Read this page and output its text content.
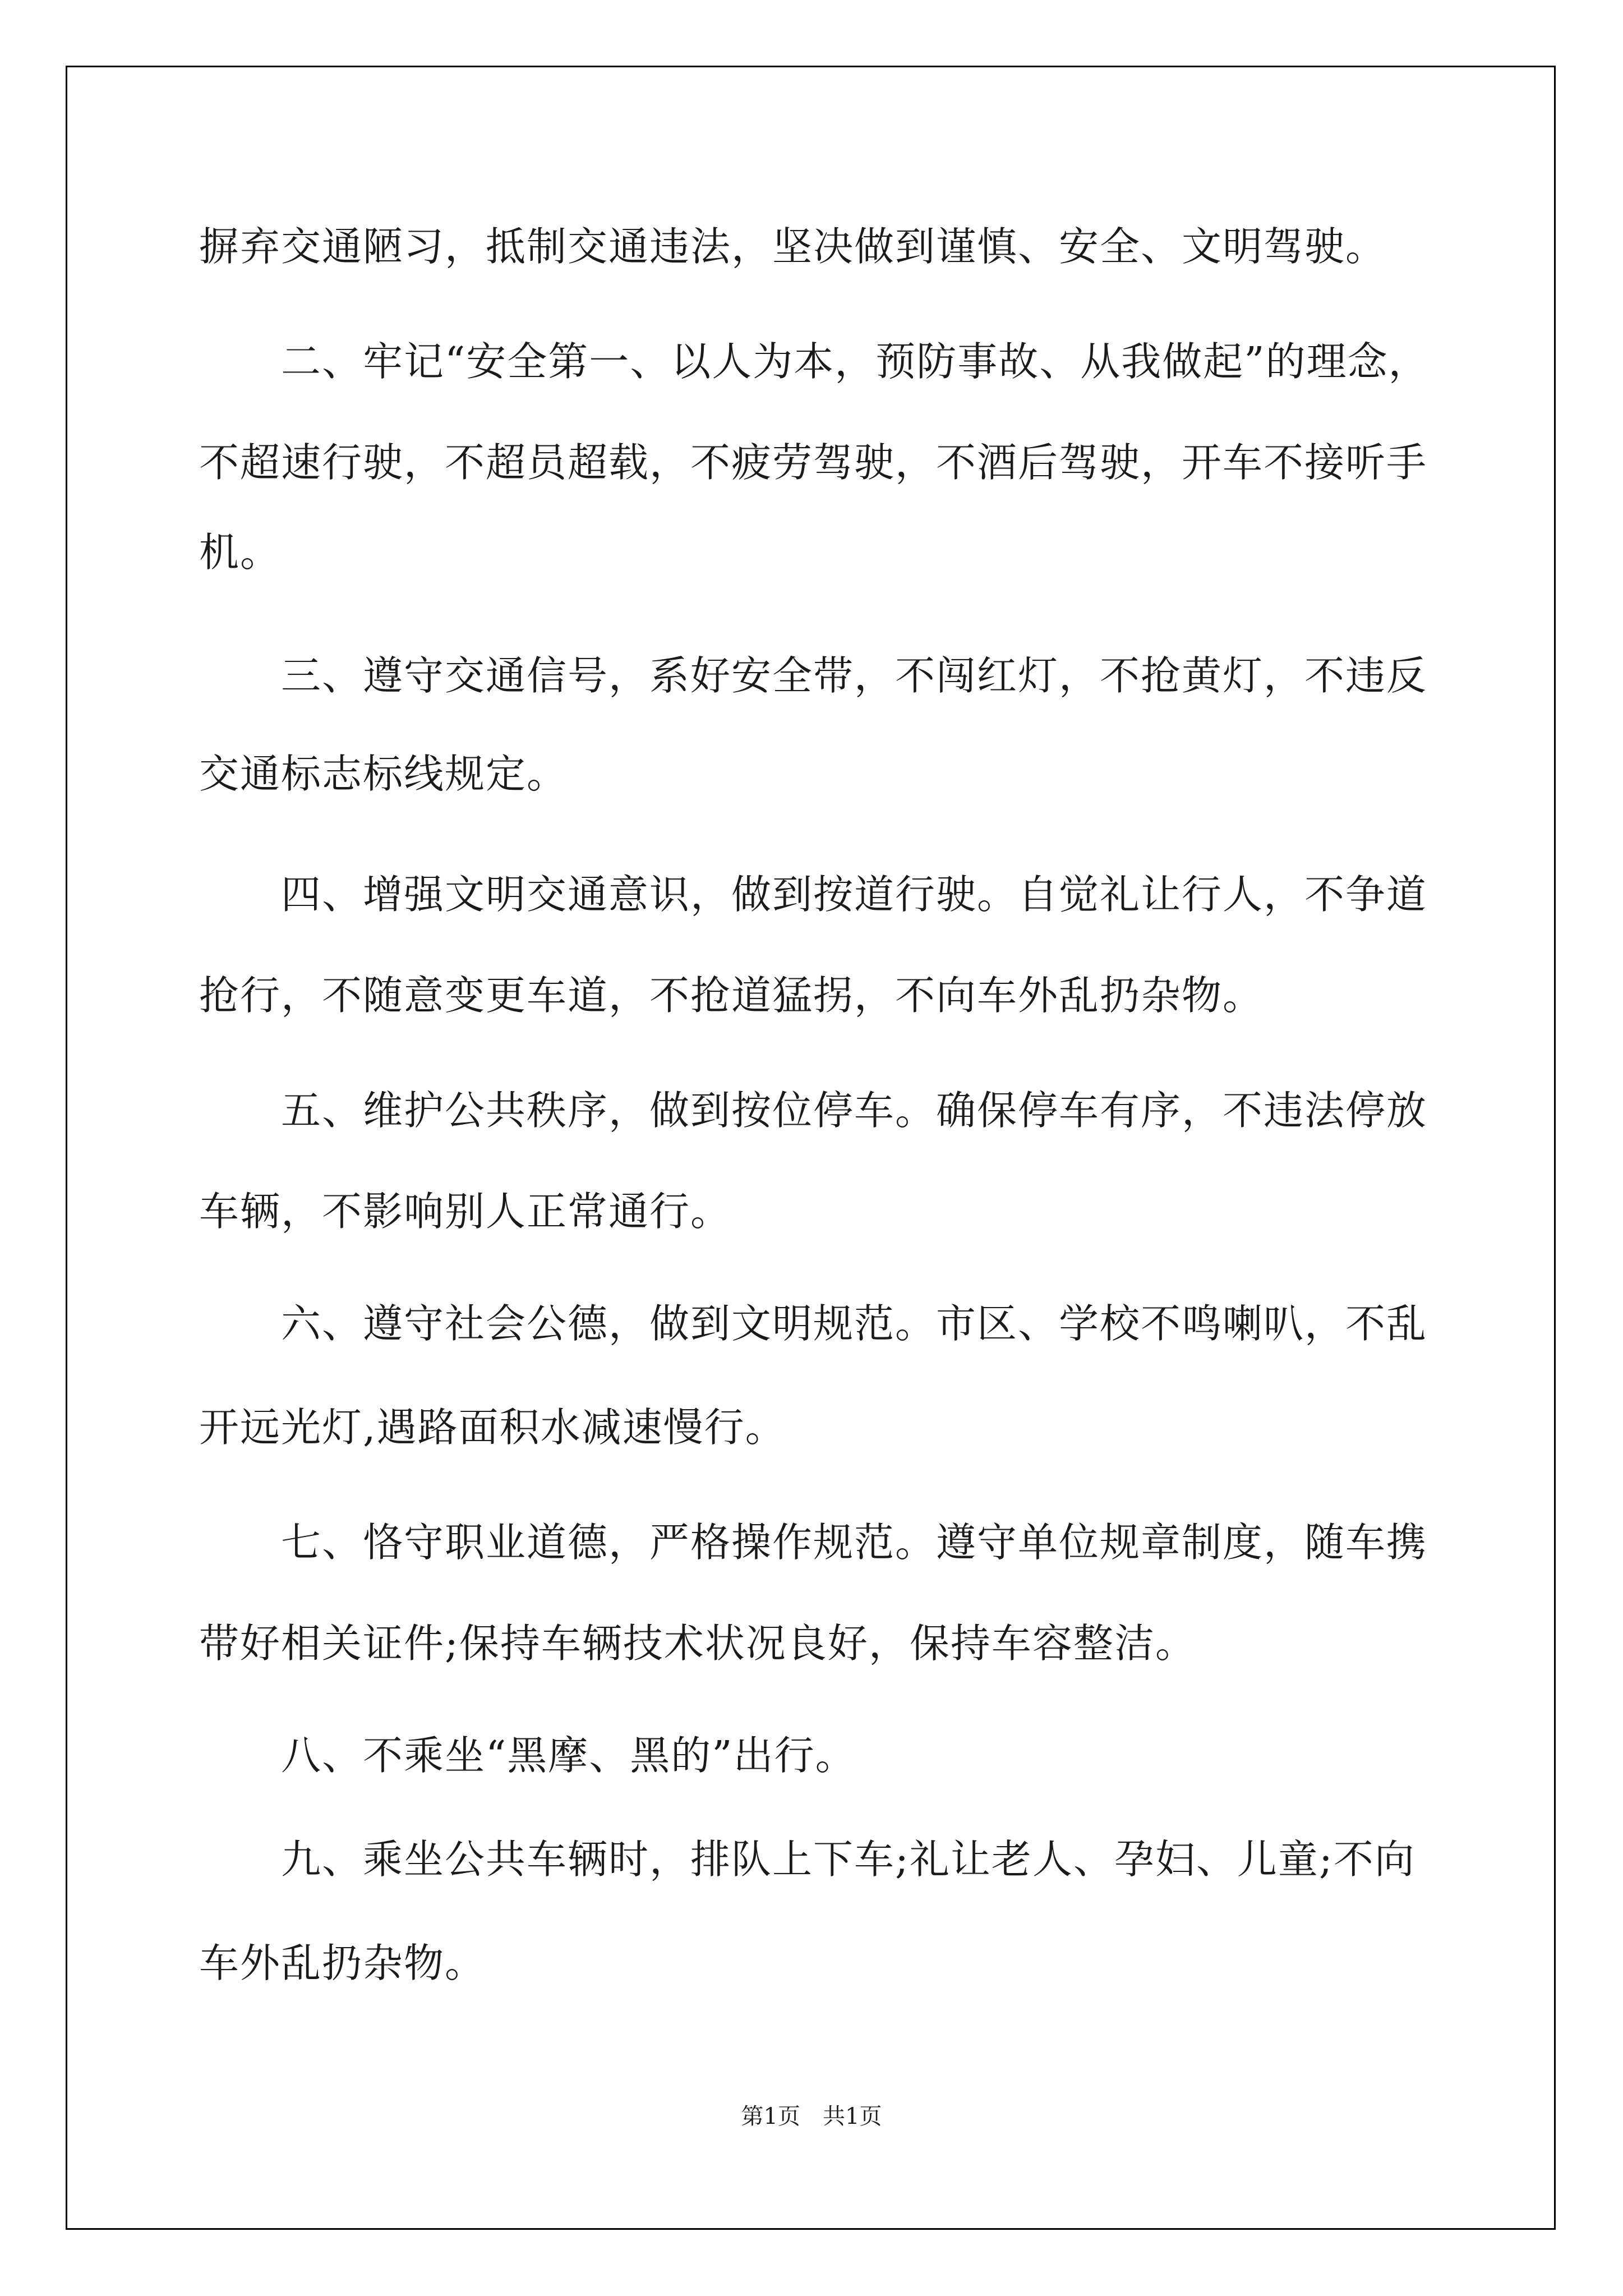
摒弃交通陋习，抵制交通违法，坚决做到谨慎、安全、文明驾驶。
　　二、牢记“安全第一、以人为本，预防事故、从我做起”的理念，
不超速行驶，不超员超载，不疲劳驾驶，不酒后驾驶，开车不接听手
机。
　　三、遵守交通信号，系好安全带，不闯红灯，不抢黄灯，不违反
交通标志标线规定。
　　四、增强文明交通意识，做到按道行驶。自觉礼让行人，不争道
抢行，不随意变更车道，不抢道猛拐，不向车外乱扔杂物。
　　五、维护公共秩序，做到按位停车。确保停车有序，不违法停放
车辆，不影响别人正常通行。
　　六、遵守社会公德，做到文明规范。市区、学校不鸣喇叭，不乱
开远光灯,遇路面积水减速慢行。
　　七、恪守职业道德，严格操作规范。遵守单位规章制度，随车携
带好相关证件;保持车辆技术状况良好，保持车容整洁。
　　八、不乘坐“黑摩、黑的”出行。
　　九、乘坐公共车辆时，排队上下车;礼让老人、孕妇、儿童;不向
车外乱扔杂物。
第1页　共1页
